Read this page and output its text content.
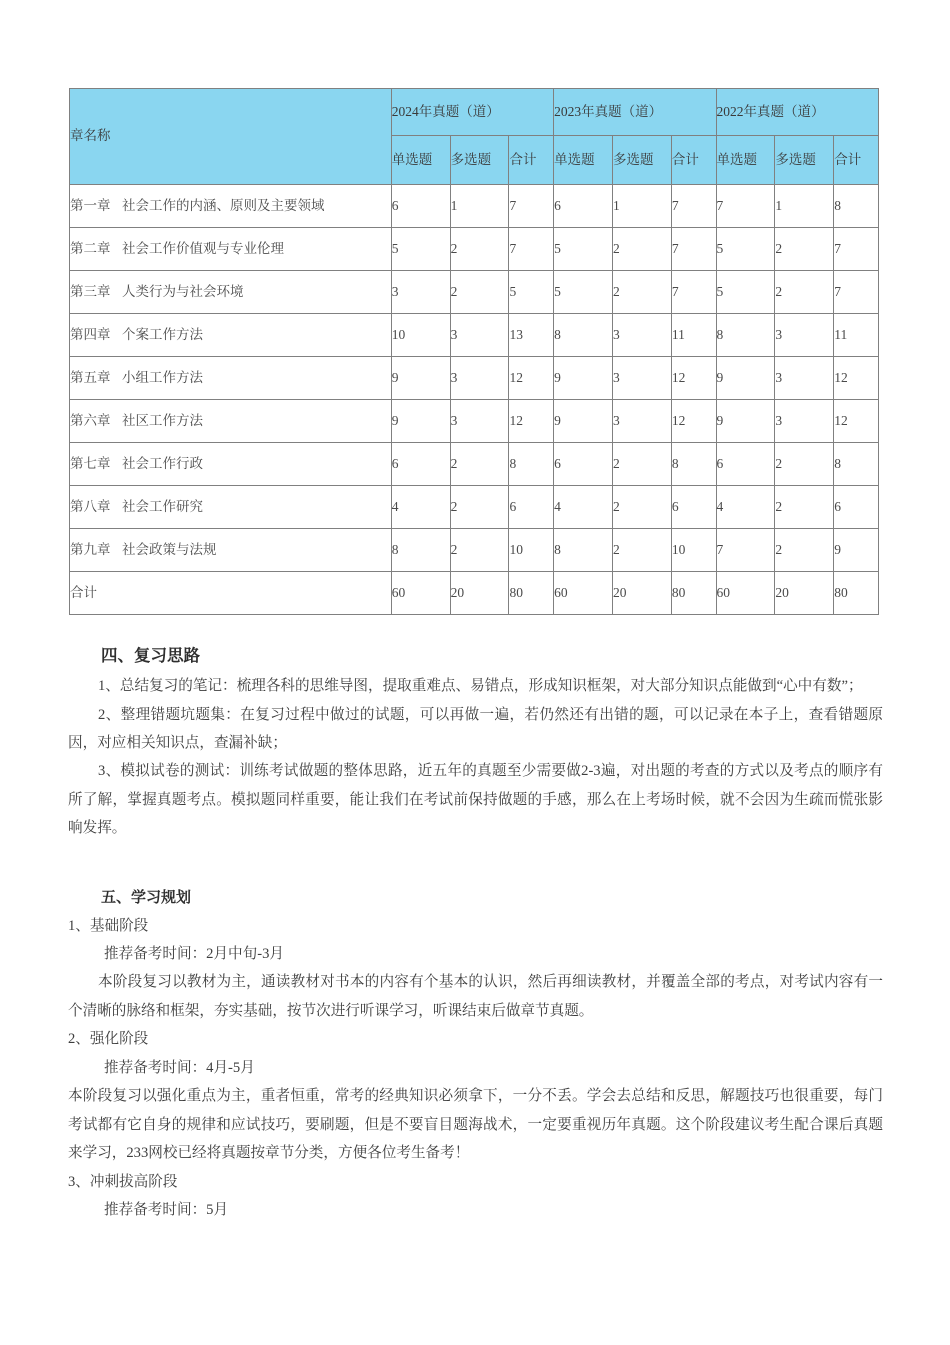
章名称	2024年真题（道）			2023年真题（道）			2022年真题（道）		
	单选题	多选题	合计	单选题	多选题	合计	单选题	多选题	合计
第一章 社会工作的内涵、原则及主要领域	6	1	7	6	1	7	7	1	8
第二章 社会工作价值观与专业伦理	5	2	7	5	2	7	5	2	7
第三章 人类行为与社会环境	3	2	5	5	2	7	5	2	7
第四章 个案工作方法	10	3	13	8	3	11	8	3	11
第五章 小组工作方法	9	3	12	9	3	12	9	3	12
第六章 社区工作方法	9	3	12	9	3	12	9	3	12
第七章 社会工作行政	6	2	8	6	2	8	6	2	8
第八章 社会工作研究	4	2	6	4	2	6	4	2	6
第九章 社会政策与法规	8	2	10	8	2	10	7	2	9
合计	60	20	80	60	20	80	60	20	80
四、复习思路

1、总结复习的笔记：梳理各科的思维导图，提取重难点、易错点，形成知识框架，对大部分知识点能做到“心中有数”；

2、整理错题坑题集：在复习过程中做过的试题，可以再做一遍，若仍然还有出错的题，可以记录在本子上，查看错题原因，对应相关知识点，查漏补缺；

3、模拟试卷的测试：训练考试做题的整体思路，近五年的真题至少需要做2-3遍，对出题的考查的方式以及考点的顺序有所了解，掌握真题考点。模拟题同样重要，能让我们在考试前保持做题的手感，那么在上考场时候，就不会因为生疏而慌张影响发挥。

五、学习规划

1、基础阶段

推荐备考时间：2月中旬-3月

本阶段复习以教材为主，通读教材对书本的内容有个基本的认识，然后再细读教材，并覆盖全部的考点，对考试内容有一个清晰的脉络和框架，夯实基础，按节次进行听课学习，听课结束后做章节真题。

2、强化阶段

推荐备考时间：4月-5月

本阶段复习以强化重点为主，重者恒重，常考的经典知识必须拿下，一分不丢。学会去总结和反思，解题技巧也很重要，每门考试都有它自身的规律和应试技巧，要刷题，但是不要盲目题海战术，一定要重视历年真题。这个阶段建议考生配合课后真题来学习，233网校已经将真题按章节分类，方便各位考生备考！

3、冲刺拔高阶段

推荐备考时间：5月
